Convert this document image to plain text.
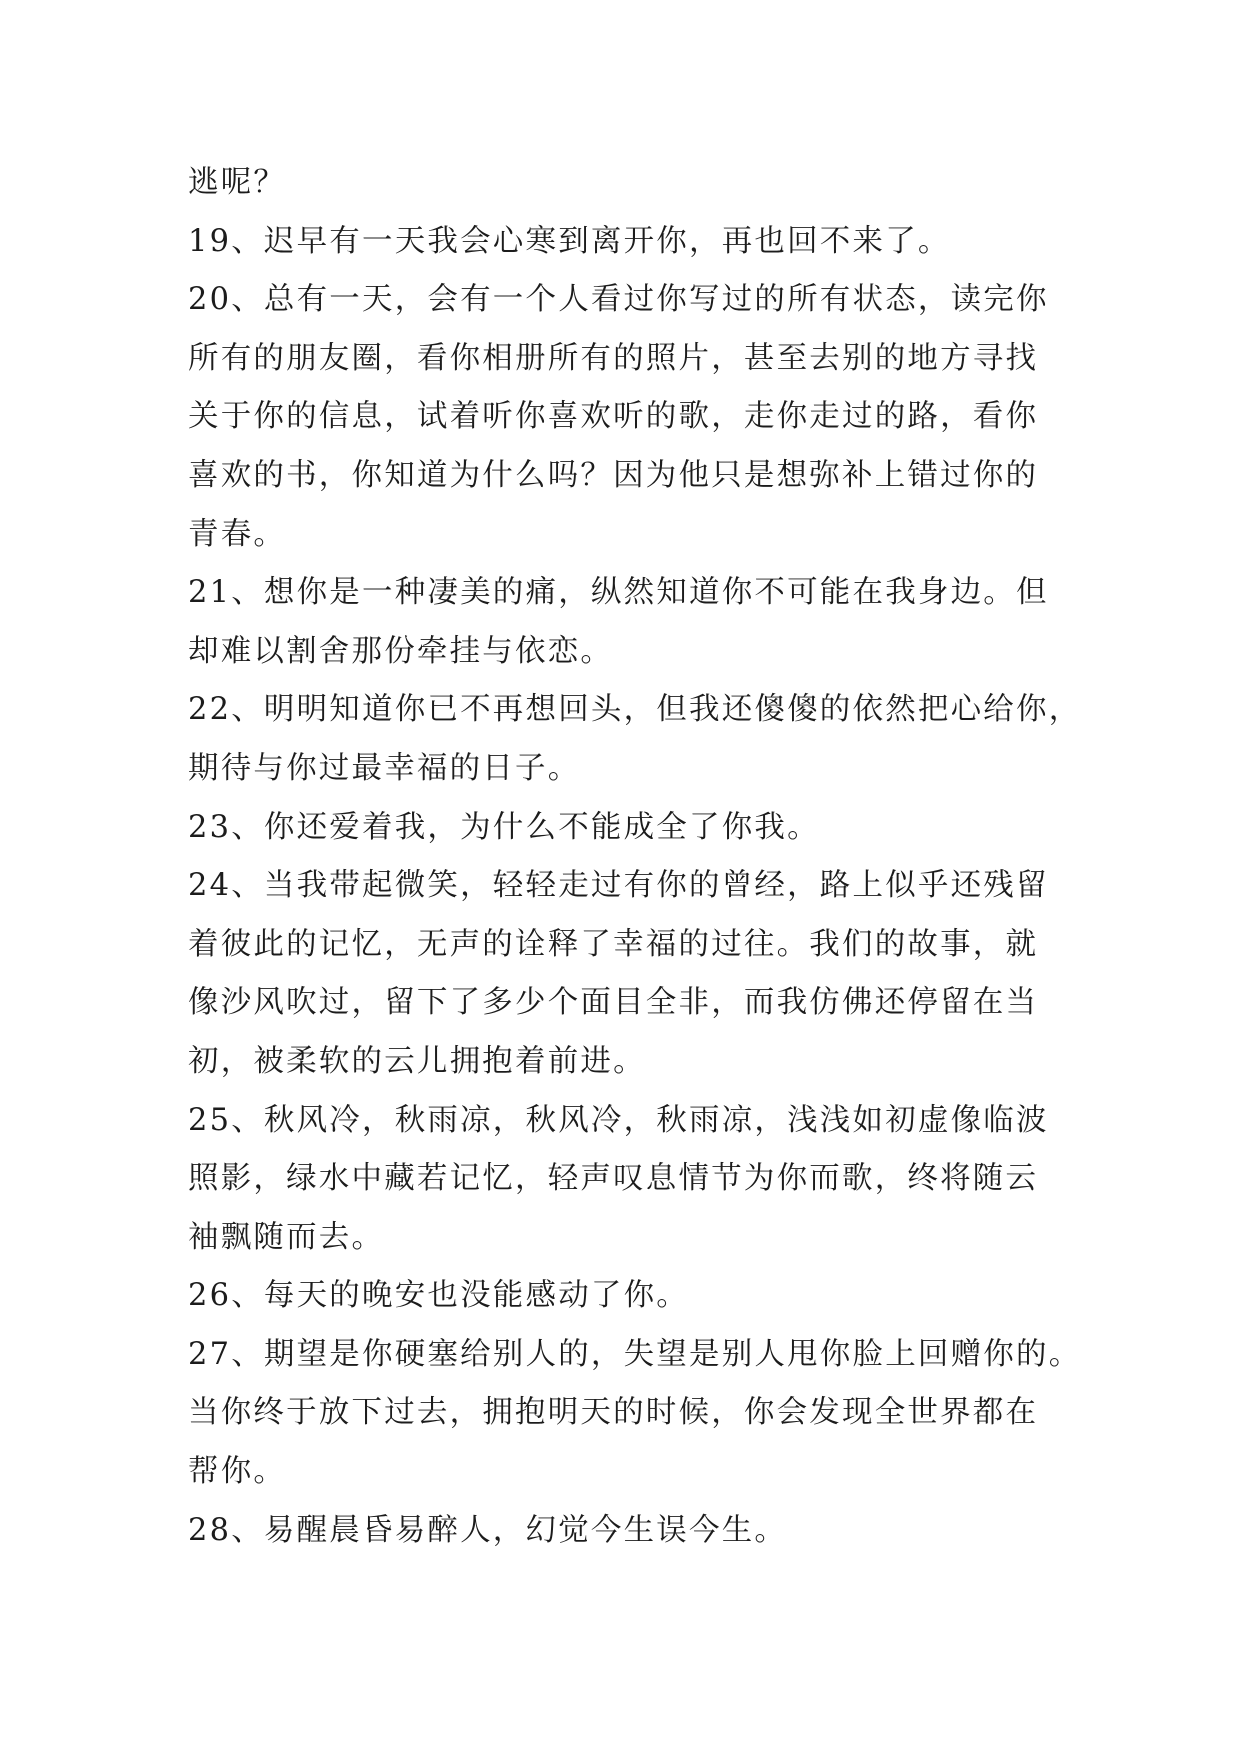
逃呢？
19、迟早有一天我会心寒到离开你，再也回不来了。
20、总有一天，会有一个人看过你写过的所有状态，读完你
所有的朋友圈，看你相册所有的照片，甚至去别的地方寻找
关于你的信息，试着听你喜欢听的歌，走你走过的路，看你
喜欢的书，你知道为什么吗？因为他只是想弥补上错过你的
青春。
21、想你是一种凄美的痛，纵然知道你不可能在我身边。但
却难以割舍那份牵挂与依恋。
22、明明知道你已不再想回头，但我还傻傻的依然把心给你，
期待与你过最幸福的日子。
23、你还爱着我，为什么不能成全了你我。
24、当我带起微笑，轻轻走过有你的曾经，路上似乎还残留
着彼此的记忆，无声的诠释了幸福的过往。我们的故事，就
像沙风吹过，留下了多少个面目全非，而我仿佛还停留在当
初，被柔软的云儿拥抱着前进。
25、秋风冷，秋雨凉，秋风冷，秋雨凉，浅浅如初虚像临波
照影，绿水中藏若记忆，轻声叹息情节为你而歌，终将随云
袖飘随而去。
26、每天的晚安也没能感动了你。
27、期望是你硬塞给别人的，失望是别人甩你脸上回赠你的。
当你终于放下过去，拥抱明天的时候，你会发现全世界都在
帮你。
28、易醒晨昏易醉人，幻觉今生误今生。
